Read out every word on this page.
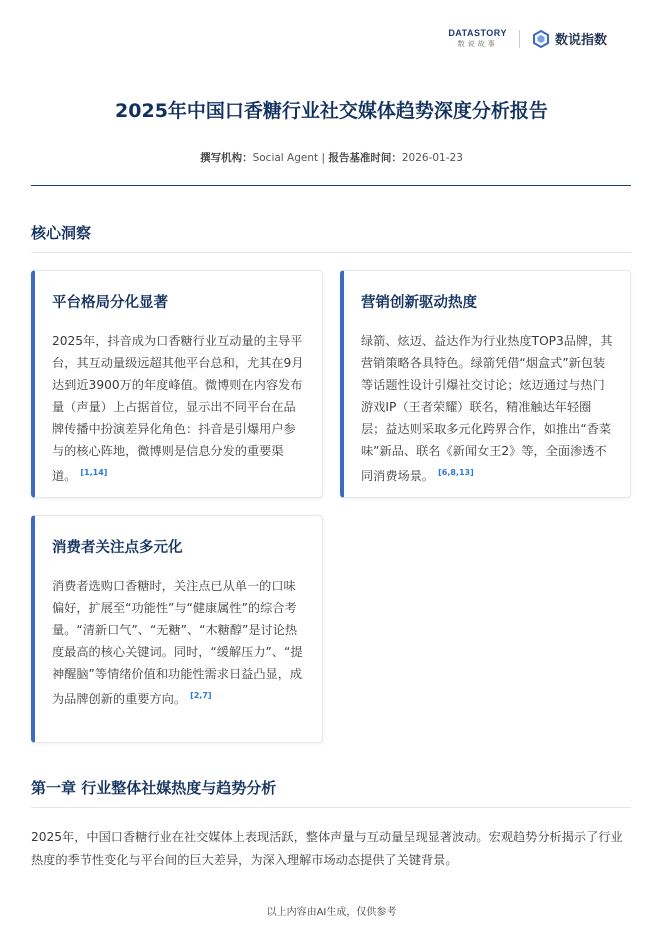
DATASTORY
数说故事	数说指数
2025年中国口香糖行业社交媒体趋势深度分析报告
撰写机构：Social Agent | 报告基准时间：2026-01-23
核心洞察
平台格局分化显著
2025年，抖音成为口香糖行业互动量的主导平台，其互动量级远超其他平台总和，尤其在9月达到近3900万的年度峰值。微博则在内容发布量（声量）上占据首位，显示出不同平台在品牌传播中扮演差异化角色：抖音是引爆用户参与的核心阵地，微博则是信息分发的重要渠道。 [1,14]
营销创新驱动热度
绿箭、炫迈、益达作为行业热度TOP3品牌，其营销策略各具特色。绿箭凭借“烟盒式”新包装等话题性设计引爆社交讨论；炫迈通过与热门游戏IP（王者荣耀）联名，精准触达年轻圈层；益达则采取多元化跨界合作，如推出“香菜味”新品、联名《新闻女王2》等，全面渗透不同消费场景。 [6,8,13]
消费者关注点多元化
消费者选购口香糖时，关注点已从单一的口味偏好，扩展至“功能性”与“健康属性”的综合考量。“清新口气”、“无糖”、“木糖醇”是讨论热度最高的核心关键词。同时，“缓解压力”、“提神醒脑”等情绪价值和功能性需求日益凸显，成为品牌创新的重要方向。 [2,7]
第一章 行业整体社媒热度与趋势分析
2025年，中国口香糖行业在社交媒体上表现活跃，整体声量与互动量呈现显著波动。宏观趋势分析揭示了行业热度的季节性变化与平台间的巨大差异，为深入理解市场动态提供了关键背景。
以上内容由AI生成，仅供参考
